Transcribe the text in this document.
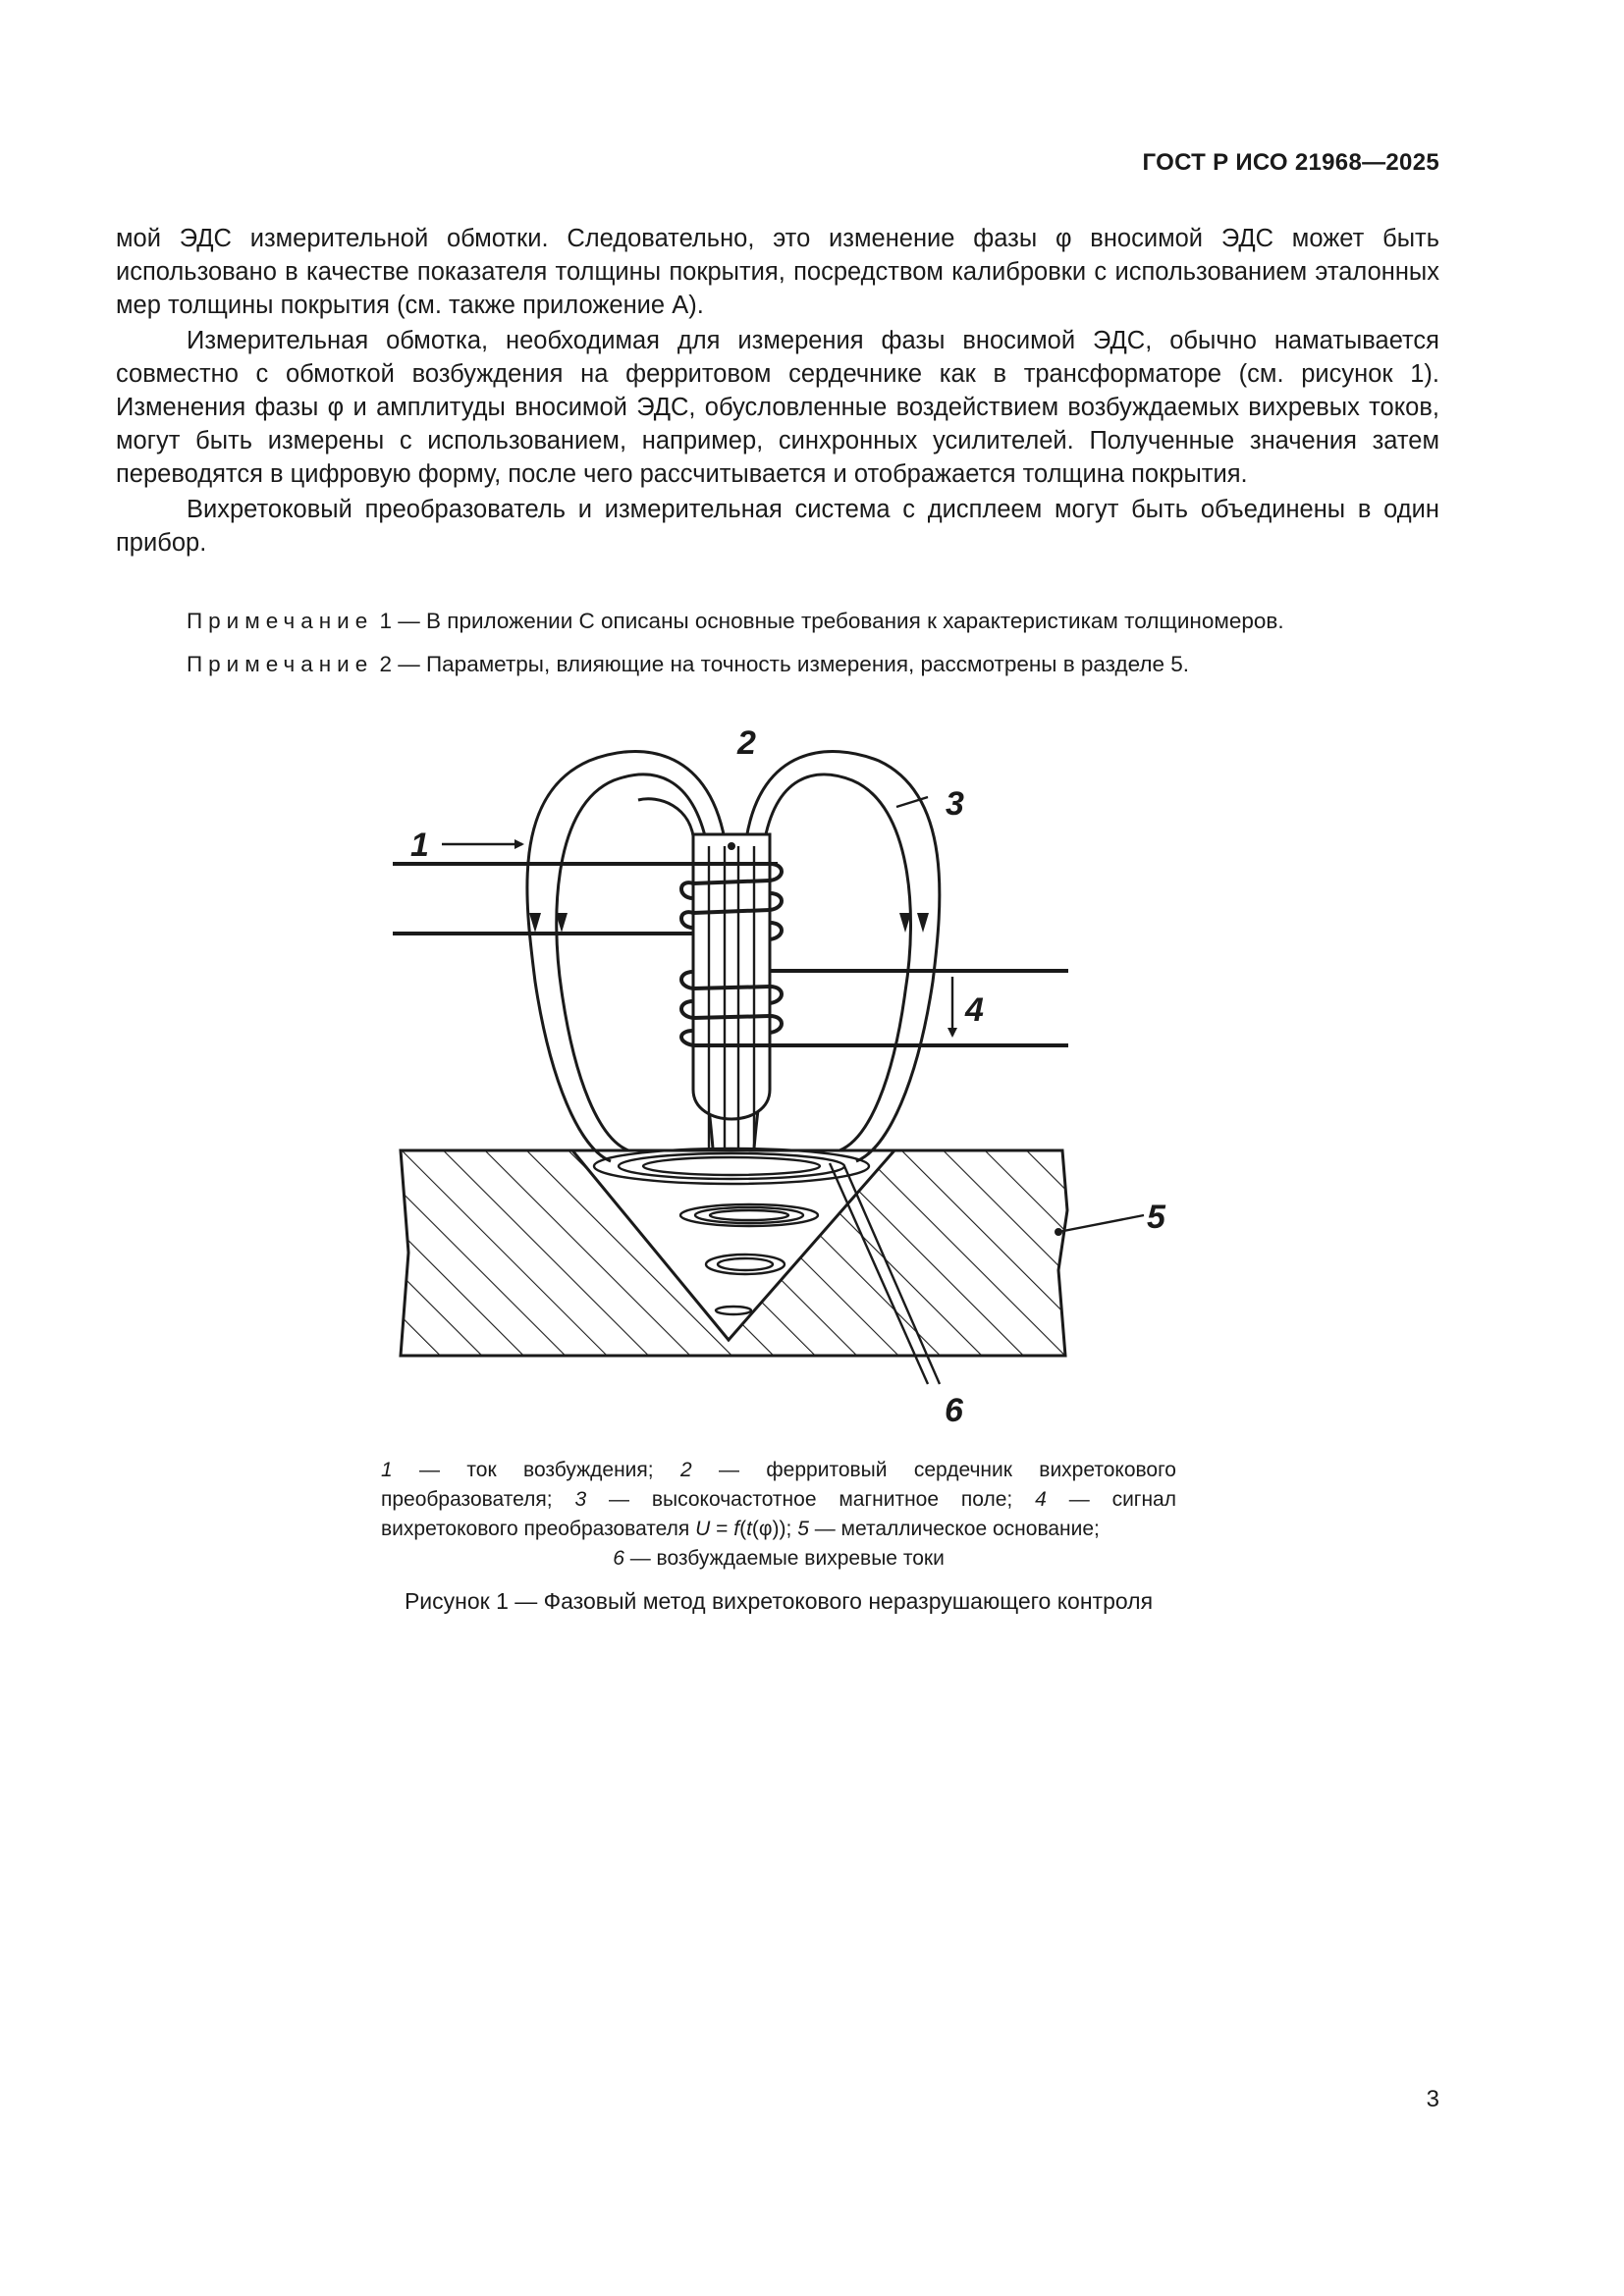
ГОСТ Р ИСО 21968—2025

мой ЭДС измерительной обмотки. Следовательно, это изменение фазы φ вносимой ЭДС может быть использовано в качестве показателя толщины покрытия, посредством калибровки с использованием эталонных мер толщины покрытия (см. также приложение A).

Измерительная обмотка, необходимая для измерения фазы вносимой ЭДС, обычно наматывается совместно с обмоткой возбуждения на ферритовом сердечнике как в трансформаторе (см. рисунок 1). Изменения фазы φ и амплитуды вносимой ЭДС, обусловленные воздействием возбуждаемых вихревых токов, могут быть измерены с использованием, например, синхронных усилителей. Полученные значения затем переводятся в цифровую форму, после чего рассчитывается и отображается толщина покрытия.

Вихретоковый преобразователь и измерительная система с дисплеем могут быть объединены в один прибор.

Примечание 1 — В приложении C описаны основные требования к характеристикам толщиномеров.
Примечание 2 — Параметры, влияющие на точность измерения, рассмотрены в разделе 5.
1
2
3
4
5
6
1 — ток возбуждения; 2 — ферритовый сердечник вихретокового преобразователя; 3 — высокочастотное магнитное поле; 4 — сигнал вихретокового преобразователя U = f(t(φ)); 5 — металлическое основание;
6 — возбуждаемые вихревые токи
Рисунок 1 — Фазовый метод вихретокового неразрушающего контроля
3
